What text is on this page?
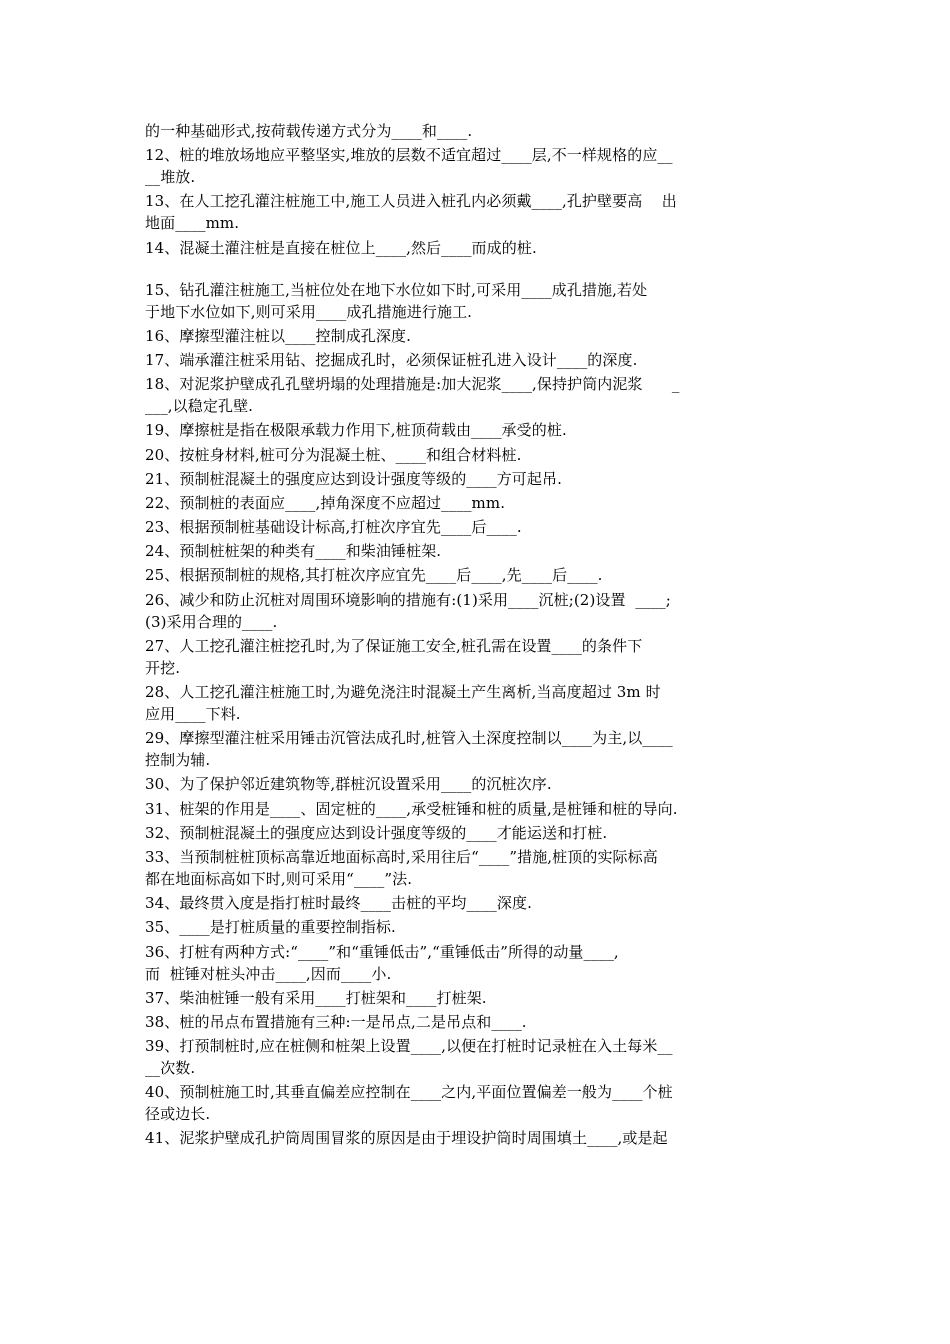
的一种基础形式,按荷载传递方式分为____和____.
12、桩的堆放场地应平整坚实,堆放的层数不适宜超过____层,不一样规格的应__
__堆放.
13、在人工挖孔灌注桩施工中,施工人员进入桩孔内必须戴____,孔护壁要高    出
地面____mm.
14、混凝土灌注桩是直接在桩位上____,然后____而成的桩.
15、钻孔灌注桩施工,当桩位处在地下水位如下时,可采用____成孔措施,若处
于地下水位如下,则可采用____成孔措施进行施工.
16、摩擦型灌注桩以____控制成孔深度.
17、端承灌注桩采用钻、挖掘成孔时，必须保证桩孔进入设计____的深度.
18、对泥浆护壁成孔孔壁坍塌的处理措施是:加大泥浆____,保持护筒内泥浆      _
___,以稳定孔壁.
19、摩擦桩是指在极限承载力作用下,桩顶荷载由____承受的桩.
20、按桩身材料,桩可分为混凝土桩、____和组合材料桩.
21、预制桩混凝土的强度应达到设计强度等级的____方可起吊.
22、预制桩的表面应____,掉角深度不应超过____mm.
23、根据预制桩基础设计标高,打桩次序宜先____后____.
24、预制桩桩架的种类有____和柴油锤桩架.
25、根据预制桩的规格,其打桩次序应宜先____后____,先____后____.
26、减少和防止沉桩对周围环境影响的措施有:(1)采用____沉桩;(2)设置  ____;
(3)采用合理的____.
27、人工挖孔灌注桩挖孔时,为了保证施工安全,桩孔需在设置____的条件下
开挖.
28、人工挖孔灌注桩施工时,为避免浇注时混凝土产生离析,当高度超过 3m 时
应用____下料.
29、摩擦型灌注桩采用锤击沉管法成孔时,桩管入土深度控制以____为主,以____
控制为辅.
30、为了保护邻近建筑物等,群桩沉设置采用____的沉桩次序.
31、桩架的作用是____、固定桩的____,承受桩锤和桩的质量,是桩锤和桩的导向.
32、预制桩混凝土的强度应达到设计强度等级的____才能运送和打桩.
33、当预制桩桩顶标高靠近地面标高时,采用往后“____”措施,桩顶的实际标高
都在地面标高如下时,则可采用“____”法.
34、最终贯入度是指打桩时最终____击桩的平均____深度.
35、____是打桩质量的重要控制指标.
36、打桩有两种方式:“____”和“重锤低击”,“重锤低击”所得的动量____,
而  桩锤对桩头冲击____,因而____小.
37、柴油桩锤一般有采用____打桩架和____打桩架.
38、桩的吊点布置措施有三种:一是吊点,二是吊点和____.
39、打预制桩时,应在桩侧和桩架上设置____,以便在打桩时记录桩在入土每米__
__次数.
40、预制桩施工时,其垂直偏差应控制在____之内,平面位置偏差一般为____个桩
径或边长.
41、泥浆护壁成孔护筒周围冒浆的原因是由于埋设护筒时周围填土____,或是起
